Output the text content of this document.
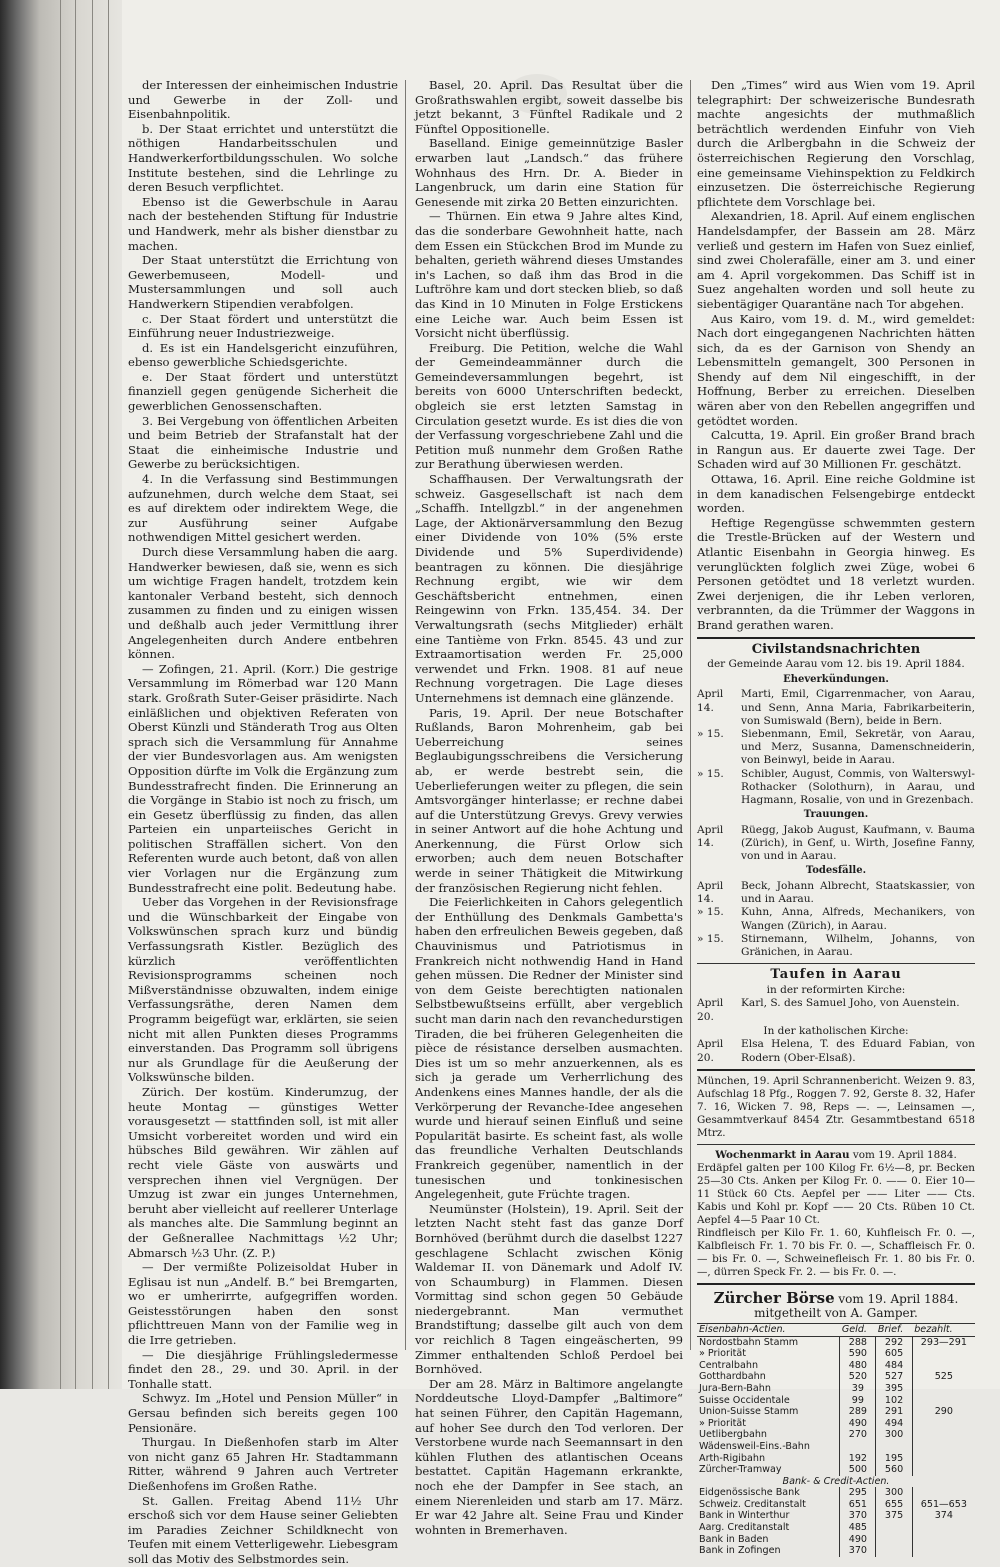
der Interessen der einheimischen Industrie und Gewerbe in der Zoll- und Eisenbahnpolitik.

b. Der Staat errichtet und unterstützt die nöthigen Handarbeitsschulen und Handwerkerfortbildungsschulen. Wo solche Institute bestehen, sind die Lehrlinge zu deren Besuch verpflichtet.

Ebenso ist die Gewerbschule in Aarau nach der bestehenden Stiftung für Industrie und Handwerk, mehr als bisher dienstbar zu machen.

Der Staat unterstützt die Errichtung von Gewerbemuseen, Modell- und Mustersammlungen und soll auch Handwerkern Stipendien verabfolgen.

c. Der Staat fördert und unterstützt die Einführung neuer Industriezweige.

d. Es ist ein Handelsgericht einzuführen, ebenso gewerbliche Schiedsgerichte.

e. Der Staat fördert und unterstützt finanziell gegen genügende Sicherheit die gewerblichen Genossenschaften.

3. Bei Vergebung von öffentlichen Arbeiten und beim Betrieb der Strafanstalt hat der Staat die einheimische Industrie und Gewerbe zu berücksichtigen.

4. In die Verfassung sind Bestimmungen aufzunehmen, durch welche dem Staat, sei es auf direktem oder indirektem Wege, die zur Ausführung seiner Aufgabe nothwendigen Mittel gesichert werden.

Durch diese Versammlung haben die aarg. Handwerker bewiesen, daß sie, wenn es sich um wichtige Fragen handelt, trotzdem kein kantonaler Verband besteht, sich dennoch zusammen zu finden und zu einigen wissen und deßhalb auch jeder Vermittlung ihrer Angelegenheiten durch Andere entbehren können.

— Zofingen, 21. April. (Korr.) Die gestrige Versammlung im Römerbad war 120 Mann stark. Großrath Suter-Geiser präsidirte. Nach einläßlichen und objektiven Referaten von Oberst Künzli und Ständerath Trog aus Olten sprach sich die Versammlung für Annahme der vier Bundesvorlagen aus. Am wenigsten Opposition dürfte im Volk die Ergänzung zum Bundesstrafrecht finden. Die Erinnerung an die Vorgänge in Stabio ist noch zu frisch, um ein Gesetz überflüssig zu finden, das allen Parteien ein unparteiisches Gericht in politischen Straffällen sichert. Von den Referenten wurde auch betont, daß von allen vier Vorlagen nur die Ergänzung zum Bundesstrafrecht eine polit. Bedeutung habe.

Ueber das Vorgehen in der Revisionsfrage und die Wünschbarkeit der Eingabe von Volkswünschen sprach kurz und bündig Verfassungsrath Kistler. Bezüglich des kürzlich veröffentlichten Revisionsprogramms scheinen noch Mißverständnisse obzuwalten, indem einige Verfassungsräthe, deren Namen dem Programm beigefügt war, erklärten, sie seien nicht mit allen Punkten dieses Programms einverstanden. Das Programm soll übrigens nur als Grundlage für die Aeußerung der Volkswünsche bilden.

Zürich. Der kostüm. Kinderumzug, der heute Montag — günstiges Wetter vorausgesetzt — stattfinden soll, ist mit aller Umsicht vorbereitet worden und wird ein hübsches Bild gewähren. Wir zählen auf recht viele Gäste von auswärts und versprechen ihnen viel Vergnügen. Der Umzug ist zwar ein junges Unternehmen, beruht aber vielleicht auf reellerer Unterlage als manches alte. Die Sammlung beginnt an der Geßnerallee Nachmittags ½2 Uhr; Abmarsch ½3 Uhr. (Z. P.)

— Der vermißte Polizeisoldat Huber in Eglisau ist nun „Andelf. B.“ bei Bremgarten, wo er umherirrte, aufgegriffen worden. Geistesstörungen haben den sonst pflichttreuen Mann von der Familie weg in die Irre getrieben.

— Die diesjährige Frühlingsledermesse findet den 28., 29. und 30. April. in der Tonhalle statt.

Schwyz. Im „Hotel und Pension Müller“ in Gersau befinden sich bereits gegen 100 Pensionäre.

Thurgau. In Dießenhofen starb im Alter von nicht ganz 65 Jahren Hr. Stadtammann Ritter, während 9 Jahren auch Vertreter Dießenhofens im Großen Rathe.

St. Gallen. Freitag Abend 11½ Uhr erschoß sich vor dem Hause seiner Geliebten im Paradies Zeichner Schildknecht von Teufen mit einem Vetterligewehr. Liebesgram soll das Motiv des Selbstmordes sein.

Basel, 20. April. Das Resultat über die Großrathswahlen ergibt, soweit dasselbe bis jetzt bekannt, 3 Fünftel Radikale und 2 Fünftel Oppositionelle.

Baselland. Einige gemeinnützige Basler erwarben laut „Landsch.“ das frühere Wohnhaus des Hrn. Dr. A. Bieder in Langenbruck, um darin eine Station für Genesende mit zirka 20 Betten einzurichten.

— Thürnen. Ein etwa 9 Jahre altes Kind, das die sonderbare Gewohnheit hatte, nach dem Essen ein Stückchen Brod im Munde zu behalten, gerieth während dieses Umstandes in's Lachen, so daß ihm das Brod in die Luftröhre kam und dort stecken blieb, so daß das Kind in 10 Minuten in Folge Erstickens eine Leiche war. Auch beim Essen ist Vorsicht nicht überflüssig.

Freiburg. Die Petition, welche die Wahl der Gemeindeammänner durch die Gemeindeversammlungen begehrt, ist bereits von 6000 Unterschriften bedeckt, obgleich sie erst letzten Samstag in Circulation gesetzt wurde. Es ist dies die von der Verfassung vorgeschriebene Zahl und die Petition muß nunmehr dem Großen Rathe zur Berathung überwiesen werden.

Schaffhausen. Der Verwaltungsrath der schweiz. Gasgesellschaft ist nach dem „Schaffh. Intellgzbl.“ in der angenehmen Lage, der Aktionärversammlung den Bezug einer Dividende von 10% (5% erste Dividende und 5% Superdividende) beantragen zu können. Die diesjährige Rechnung ergibt, wie wir dem Geschäftsbericht entnehmen, einen Reingewinn von Frkn. 135,454. 34. Der Verwaltungsrath (sechs Mitglieder) erhält eine Tantième von Frkn. 8545. 43 und zur Extraamortisation werden Fr. 25,000 verwendet und Frkn. 1908. 81 auf neue Rechnung vorgetragen. Die Lage dieses Unternehmens ist demnach eine glänzende.

Paris, 19. April. Der neue Botschafter Rußlands, Baron Mohrenheim, gab bei Ueberreichung seines Beglaubigungsschreibens die Versicherung ab, er werde bestrebt sein, die Ueberlieferungen weiter zu pflegen, die sein Amtsvorgänger hinterlasse; er rechne dabei auf die Unterstützung Grevys. Grevy verwies in seiner Antwort auf die hohe Achtung und Anerkennung, die Fürst Orlow sich erworben; auch dem neuen Botschafter werde in seiner Thätigkeit die Mitwirkung der französischen Regierung nicht fehlen.

Die Feierlichkeiten in Cahors gelegentlich der Enthüllung des Denkmals Gambetta's haben den erfreulichen Beweis gegeben, daß Chauvinismus und Patriotismus in Frankreich nicht nothwendig Hand in Hand gehen müssen. Die Redner der Minister sind von dem Geiste berechtigten nationalen Selbstbewußtseins erfüllt, aber vergeblich sucht man darin nach den revanchedurstigen Tiraden, die bei früheren Gelegenheiten die pièce de résistance derselben ausmachten. Dies ist um so mehr anzuerkennen, als es sich ja gerade um Verherrlichung des Andenkens eines Mannes handle, der als die Verkörperung der Revanche-Idee angesehen wurde und hierauf seinen Einfluß und seine Popularität basirte. Es scheint fast, als wolle das freundliche Verhalten Deutschlands Frankreich gegenüber, namentlich in der tunesischen und tonkinesischen Angelegenheit, gute Früchte tragen.

Neumünster (Holstein), 19. April. Seit der letzten Nacht steht fast das ganze Dorf Bornhöved (berühmt durch die daselbst 1227 geschlagene Schlacht zwischen König Waldemar II. von Dänemark und Adolf IV. von Schaumburg) in Flammen. Diesen Vormittag sind schon gegen 50 Gebäude niedergebrannt. Man vermuthet Brandstiftung; dasselbe gilt auch von dem vor reichlich 8 Tagen eingeäscherten, 99 Zimmer enthaltenden Schloß Perdoel bei Bornhöved.

Der am 28. März in Baltimore angelangte Norddeutsche Lloyd-Dampfer „Baltimore“ hat seinen Führer, den Capitän Hagemann, auf hoher See durch den Tod verloren. Der Verstorbene wurde nach Seemannsart in den kühlen Fluthen des atlantischen Oceans bestattet. Capitän Hagemann erkrankte, noch ehe der Dampfer in See stach, an einem Nierenleiden und starb am 17. März. Er war 42 Jahre alt. Seine Frau und Kinder wohnten in Bremerhaven.

Den „Times“ wird aus Wien vom 19. April telegraphirt: Der schweizerische Bundesrath machte angesichts der muthmaßlich beträchtlich werdenden Einfuhr von Vieh durch die Arlbergbahn in die Schweiz der österreichischen Regierung den Vorschlag, eine gemeinsame Viehinspektion zu Feldkirch einzusetzen. Die österreichische Regierung pflichtete dem Vorschlage bei.

Alexandrien, 18. April. Auf einem englischen Handelsdampfer, der Bassein am 28. März verließ und gestern im Hafen von Suez einlief, sind zwei Cholerafälle, einer am 3. und einer am 4. April vorgekommen. Das Schiff ist in Suez angehalten worden und soll heute zu siebentägiger Quarantäne nach Tor abgehen.

Aus Kairo, vom 19. d. M., wird gemeldet: Nach dort eingegangenen Nachrichten hätten sich, da es der Garnison von Shendy an Lebensmitteln gemangelt, 300 Personen in Shendy auf dem Nil eingeschifft, in der Hoffnung, Berber zu erreichen. Dieselben wären aber von den Rebellen angegriffen und getödtet worden.

Calcutta, 19. April. Ein großer Brand brach in Rangun aus. Er dauerte zwei Tage. Der Schaden wird auf 30 Millionen Fr. geschätzt.

Ottawa, 16. April. Eine reiche Goldmine ist in dem kanadischen Felsengebirge entdeckt worden.

Heftige Regengüsse schwemmten gestern die Trestle-Brücken auf der Western und Atlantic Eisenbahn in Georgia hinweg. Es verunglückten folglich zwei Züge, wobei 6 Personen getödtet und 18 verletzt wurden. Zwei derjenigen, die ihr Leben verloren, verbrannten, da die Trümmer der Waggons in Brand gerathen waren.

Civilstandsnachrichten
der Gemeinde Aarau vom 12. bis 19. April 1884.
Eheverkündungen.
April 14.
Marti, Emil, Cigarrenmacher, von Aarau, und Senn, Anna Maria, Fabrikarbeiterin, von Sumiswald (Bern), beide in Bern.
» 15.	Siebenmann, Emil, Sekretär, von Aarau, und Merz, Susanna, Damenschneiderin, von Beinwyl, beide in Aarau.
» 15.	Schibler, August, Commis, von Walterswyl-Rothacker (Solothurn), in Aarau, und Hagmann, Rosalie, von und in Grezenbach.
Trauungen.
April 14.
Rüegg, Jakob August, Kaufmann, v. Bauma (Zürich), in Genf, u. Wirth, Josefine Fanny, von und in Aarau.
Todesfälle.
April 14.
Beck, Johann Albrecht, Staatskassier, von und in Aarau.
» 15.	Kuhn, Anna, Alfreds, Mechanikers, von Wangen (Zürich), in Aarau.
» 15.	Stirnemann, Wilhelm, Johanns, von Gränichen, in Aarau.
Taufen in Aarau
in der reformirten Kirche:
April 20.
Karl, S. des Samuel Joho, von Auenstein.
In der katholischen Kirche:
April 20.
Elsa Helena, T. des Eduard Fabian, von Rodern (Ober-Elsaß).
München, 19. April Schrannenbericht. Weizen 9. 83, Aufschlag 18 Pfg., Roggen 7. 92, Gerste 8. 32, Hafer 7. 16, Wicken 7. 98, Reps —. —, Leinsamen —, Gesammtverkauf 8454 Ztr. Gesammtbestand 6518 Mtrz.
Wochenmarkt in Aarau vom 19. April 1884.
Erdäpfel galten per 100 Kilog Fr. 6½—8, pr. Becken 25—30 Cts. Anken per Kilog Fr. 0. —— 0. Eier 10—11 Stück 60 Cts. Aepfel per —— Liter —— Cts. Kabis und Kohl pr. Kopf —— 20 Cts. Rüben 10 Ct. Aepfel 4—5 Paar 10 Ct.
Rindfleisch per Kilo Fr. 1. 60, Kuhfleisch Fr. 0. —, Kalbfleisch Fr. 1. 70 bis Fr. 0. —, Schaffleisch Fr. 0. — bis Fr. 0. —, Schweinefleisch Fr. 1. 80 bis Fr. 0. —, dürren Speck Fr. 2. — bis Fr. 0. —.
Zürcher Börse vom 19. April 1884.
mitgetheilt von A. Gamper.
Eisenbahn-Actien.	Geld.	Brief.	bezahlt.
Nordostbahn Stamm	288	292	293—291
» Priorität	590	605	
Centralbahn	480	484	
Gotthardbahn	520	527	525
Jura-Bern-Bahn	39	395	
Suisse Occidentale	99	102	
Union-Suisse Stamm	289	291	290
» Priorität	490	494	
Uetlibergbahn	270	300	
Wädensweil-Eins.-Bahn			
Arth-Rigibahn	192	195	
Zürcher-Tramway	500	560	
Bank- & Credit-Actien.			
Eidgenössische Bank	295	300	
Schweiz. Creditanstalt	651	655	651—653
Bank in Winterthur	370	375	374
Aarg. Creditanstalt	485		
Bank in Baden	490		
Bank in Zofingen	370		
